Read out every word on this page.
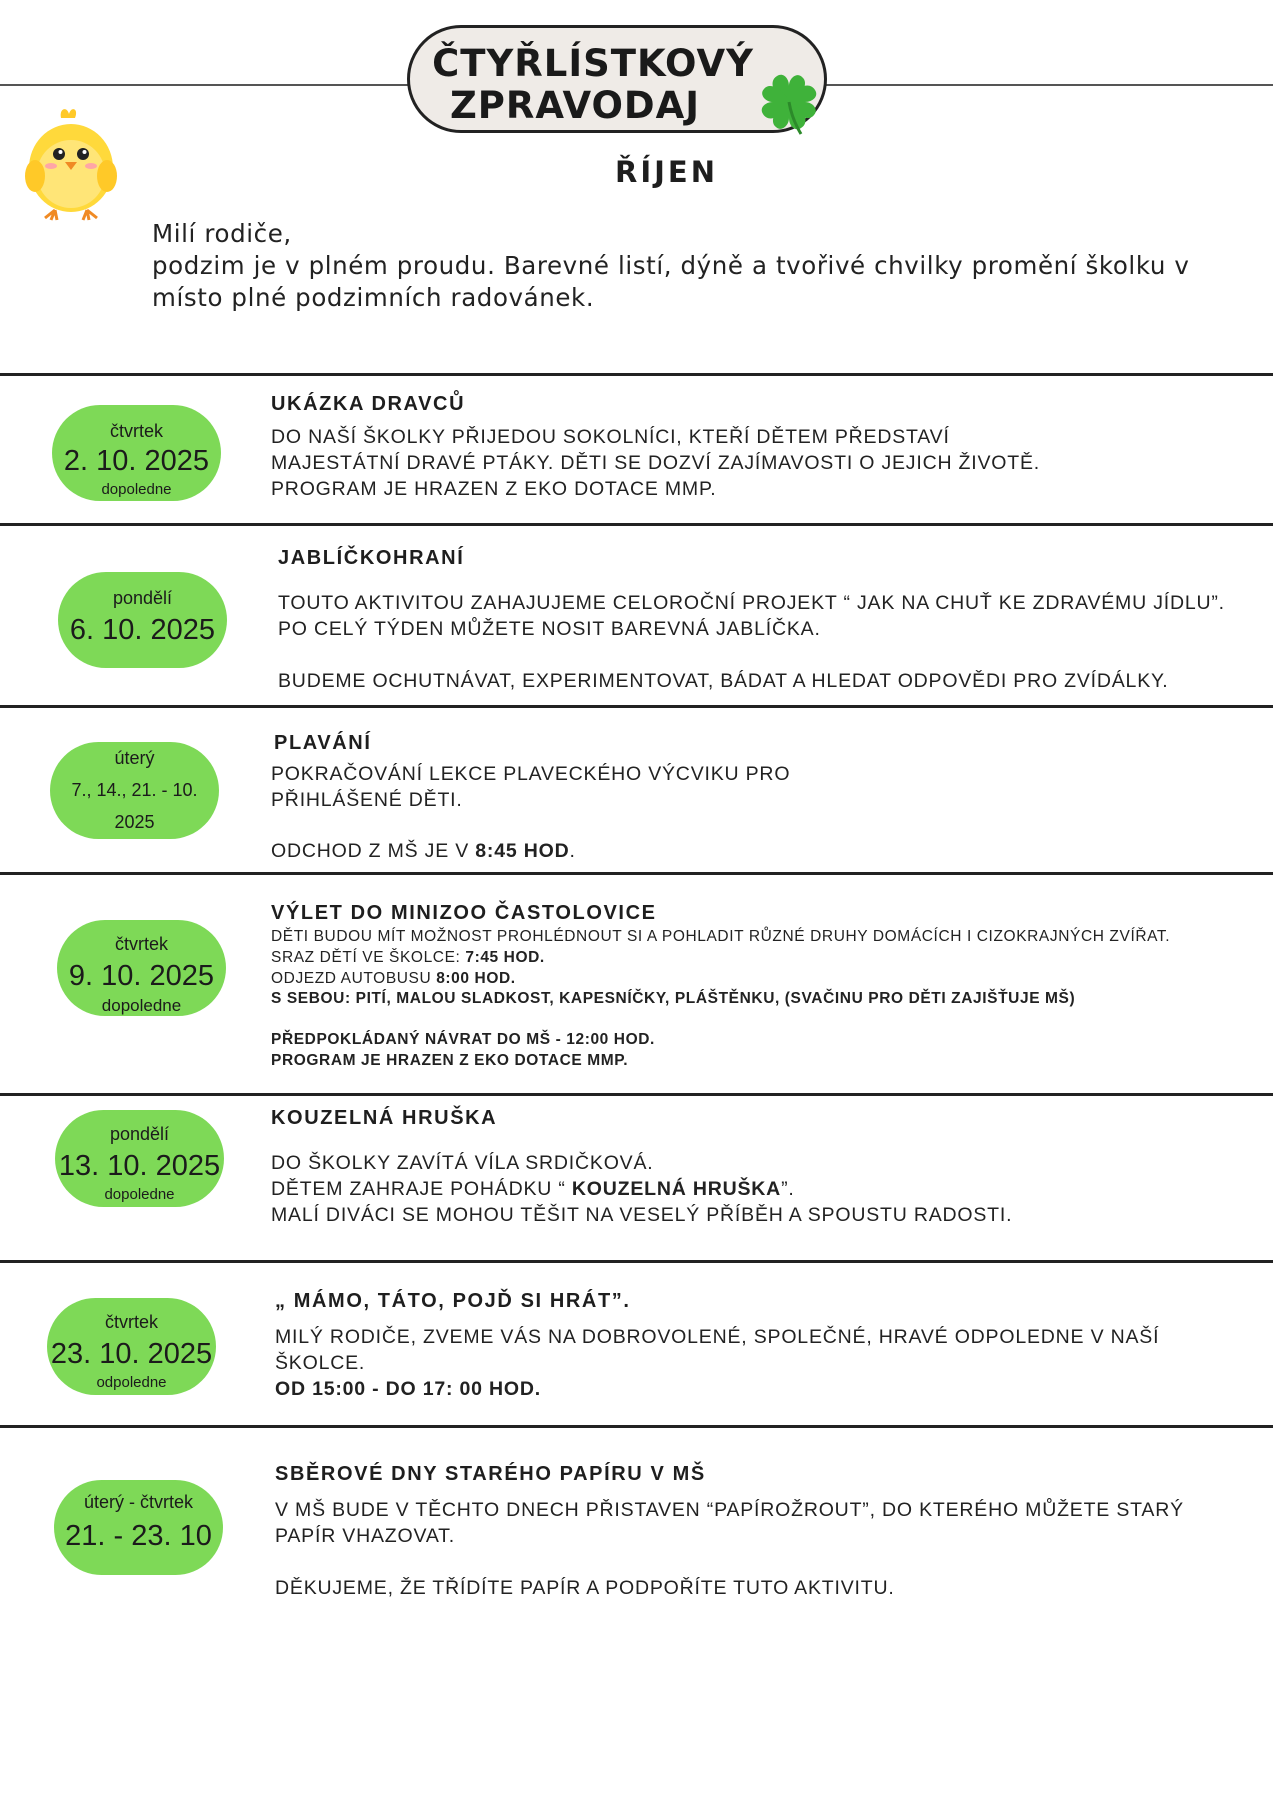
ČTYŘLÍSTKOVÝ
ZPRAVODAJ
ŘÍJEN
Milí rodiče,
podzim je v plném proudu. Barevné listí, dýně a tvořivé chvilky promění školku v
místo plné podzimních radovánek.
čtvrtek
2. 10. 2025
dopoledne
UKÁZKA DRAVCŮ
DO NAŠÍ ŠKOLKY PŘIJEDOU SOKOLNÍCI, KTEŘÍ DĚTEM PŘEDSTAVÍ
MAJESTÁTNÍ DRAVÉ PTÁKY. DĚTI SE DOZVÍ ZAJÍMAVOSTI O JEJICH ŽIVOTĚ.
PROGRAM JE HRAZEN Z EKO DOTACE MMP.
pondělí
6. 10. 2025
JABLÍČKOHRANÍ
TOUTO AKTIVITOU ZAHAJUJEME CELOROČNÍ PROJEKT “ JAK NA CHUŤ KE ZDRAVÉMU JÍDLU”.
PO CELÝ TÝDEN MŮŽETE NOSIT BAREVNÁ JABLÍČKA.
BUDEME OCHUTNÁVAT, EXPERIMENTOVAT, BÁDAT A HLEDAT ODPOVĚDI PRO ZVÍDÁLKY.
úterý
7., 14., 21. - 10.
2025
PLAVÁNÍ
POKRAČOVÁNÍ LEKCE PLAVECKÉHO VÝCVIKU PRO
PŘIHLÁŠENÉ DĚTI.
ODCHOD Z MŠ JE V 8:45 HOD.
čtvrtek
9. 10. 2025
dopoledne
VÝLET DO MINIZOO ČASTOLOVICE
DĚTI BUDOU MÍT MOŽNOST PROHLÉDNOUT SI A POHLADIT RŮZNÉ DRUHY DOMÁCÍCH I CIZOKRAJNÝCH ZVÍŘAT.
SRAZ DĚTÍ VE ŠKOLCE: 7:45 HOD.
ODJEZD AUTOBUSU 8:00 HOD.
S SEBOU: PITÍ, MALOU SLADKOST, KAPESNÍČKY, PLÁŠTĚNKU, (SVAČINU PRO DĚTI ZAJIŠŤUJE MŠ)
PŘEDPOKLÁDANÝ NÁVRAT DO MŠ - 12:00 HOD.
PROGRAM JE HRAZEN Z EKO DOTACE MMP.
pondělí
13. 10. 2025
dopoledne
KOUZELNÁ HRUŠKA
DO ŠKOLKY ZAVÍTÁ VÍLA SRDIČKOVÁ.
DĚTEM ZAHRAJE POHÁDKU “ KOUZELNÁ HRUŠKA”.
MALÍ DIVÁCI SE MOHOU TĚŠIT NA VESELÝ PŘÍBĚH A SPOUSTU RADOSTI.
čtvrtek
23. 10. 2025
odpoledne
„ MÁMO, TÁTO, POJĎ SI HRÁT”.
MILÝ RODIČE, ZVEME VÁS NA DOBROVOLENÉ, SPOLEČNÉ, HRAVÉ ODPOLEDNE V NAŠÍ
ŠKOLCE.
OD 15:00 - DO 17: 00 HOD.
úterý - čtvrtek
21. - 23. 10
SBĚROVÉ DNY STARÉHO PAPÍRU V MŠ
V MŠ BUDE V TĚCHTO DNECH PŘISTAVEN “PAPÍROŽROUT”, DO KTERÉHO MŮŽETE STARÝ
PAPÍR VHAZOVAT.
DĚKUJEME, ŽE TŘÍDÍTE PAPÍR A PODPOŘÍTE TUTO AKTIVITU.
